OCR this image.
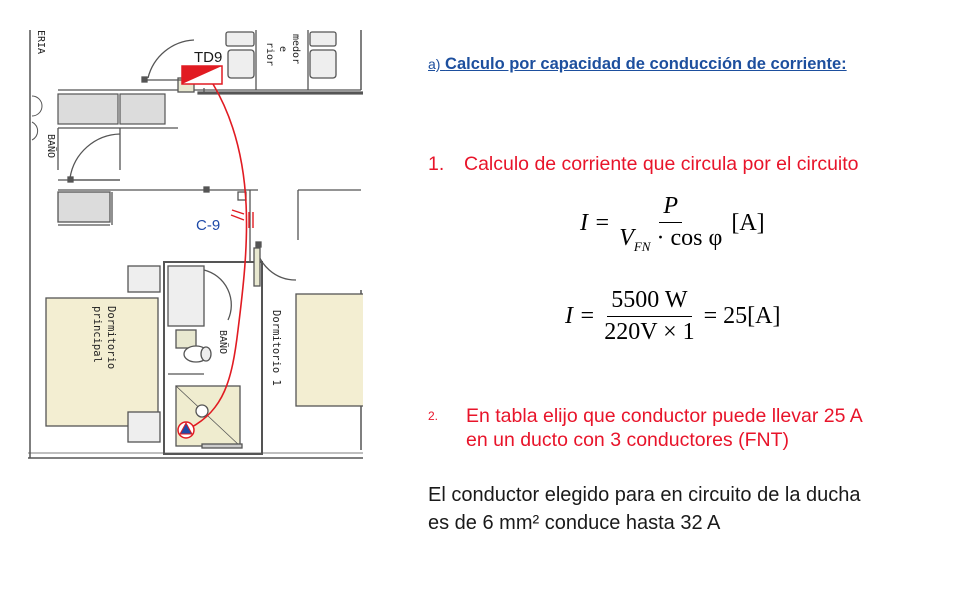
ERIA
BAÑO
medor
e
rior
Dormitorio
principal	BAÑO	Dormitorio 1
TD9
C-9
a) Calculo por capacidad de conducción de corriente:
1. Calculo de corriente que circula por el circuito
$I = \frac{P}{V_{FN} \cdot \cos \varphi} [A]$
$I = \frac{5500 W}{220V \times 1} = 25[A]$
2. En tabla elijo que conductor puede llevar 25 A
en un ducto con 3 conductores (FNT)
El conductor elegido para en circuito de la ducha
es de 6 mm² conduce hasta 32 A
